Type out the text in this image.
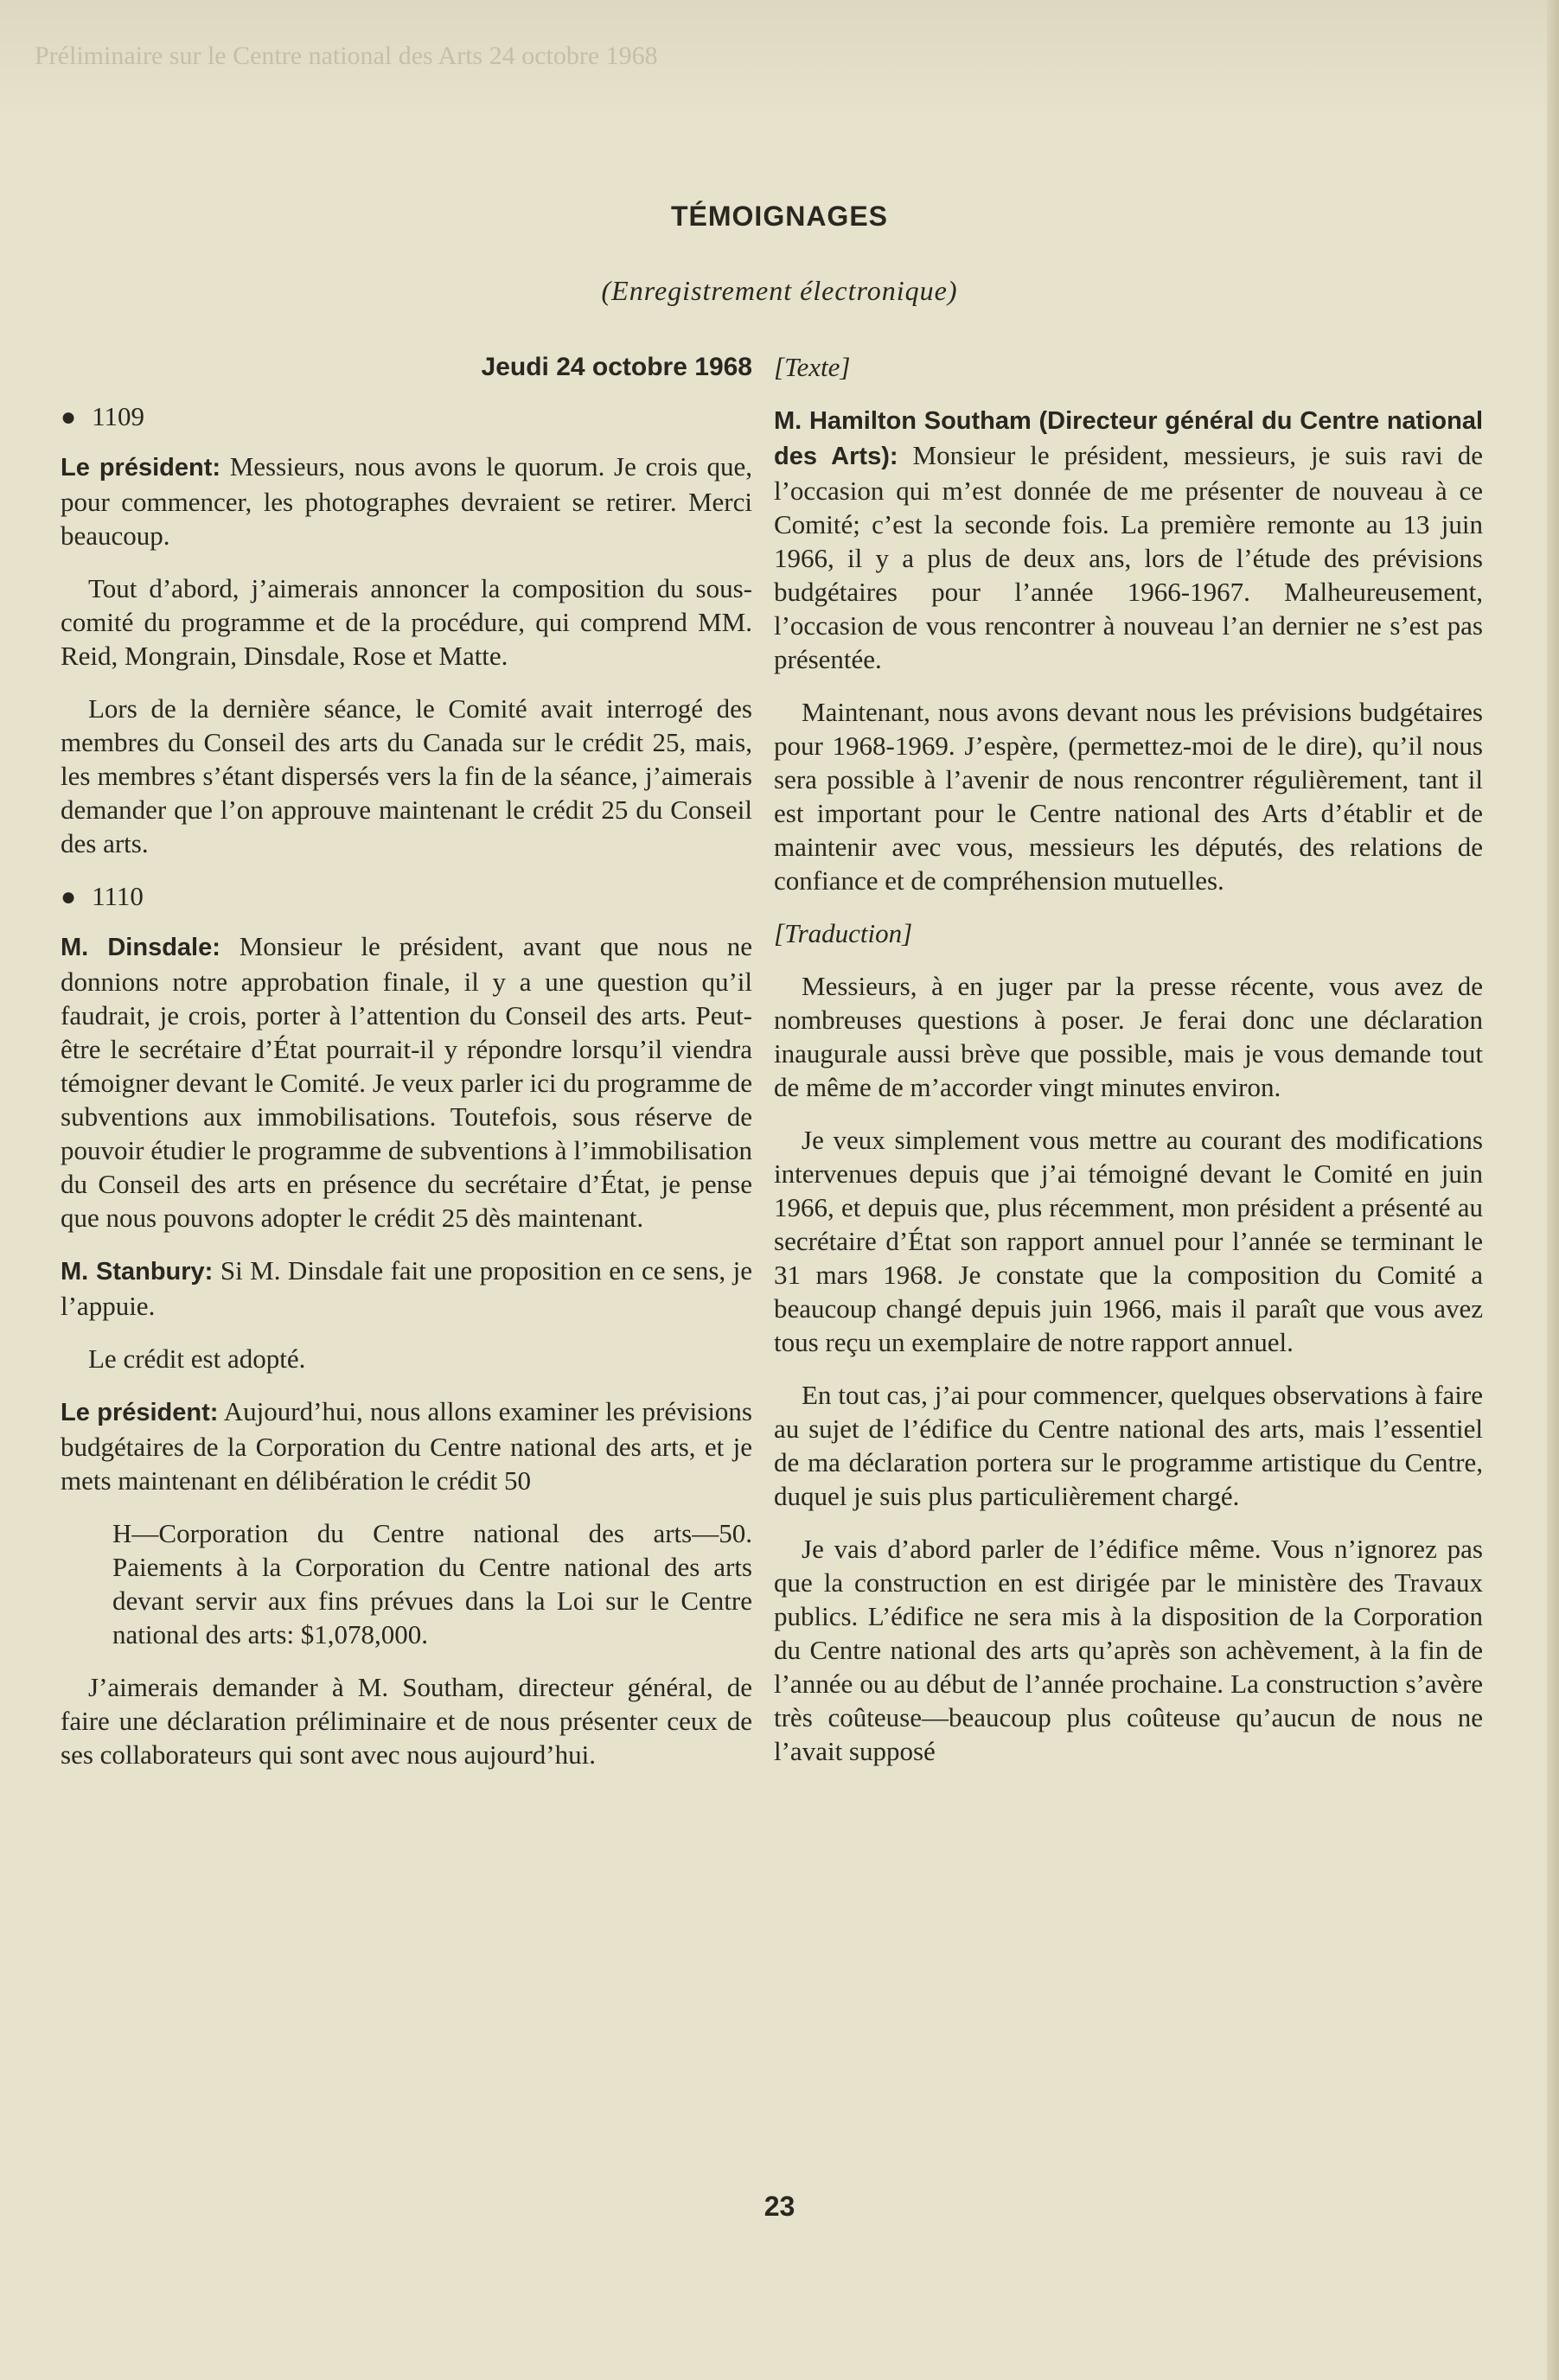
Préliminaire sur le Centre national des Arts 24 octobre 1968
TÉMOIGNAGES
(Enregistrement électronique)
Jeudi 24 octobre 1968
● 1109

Le président: Messieurs, nous avons le quorum. Je crois que, pour commencer, les photographes devraient se retirer. Merci beaucoup.

Tout d’abord, j’aimerais annoncer la composition du sous-comité du programme et de la procédure, qui comprend MM. Reid, Mongrain, Dinsdale, Rose et Matte.

Lors de la dernière séance, le Comité avait interrogé des membres du Conseil des arts du Canada sur le crédit 25, mais, les membres s’étant dispersés vers la fin de la séance, j’aimerais demander que l’on approuve maintenant le crédit 25 du Conseil des arts.

● 1110

M. Dinsdale: Monsieur le président, avant que nous ne donnions notre approbation finale, il y a une question qu’il faudrait, je crois, porter à l’attention du Conseil des arts. Peut-être le secrétaire d’État pourrait-il y répondre lorsqu’il viendra témoigner devant le Comité. Je veux parler ici du programme de subventions aux immobilisations. Toutefois, sous réserve de pouvoir étudier le programme de subventions à l’immobilisation du Conseil des arts en présence du secrétaire d’État, je pense que nous pouvons adopter le crédit 25 dès maintenant.

M. Stanbury: Si M. Dinsdale fait une proposition en ce sens, je l’appuie.

Le crédit est adopté.

Le président: Aujourd’hui, nous allons examiner les prévisions budgétaires de la Corporation du Centre national des arts, et je mets maintenant en délibération le crédit 50

H—Corporation du Centre national des arts—50. Paiements à la Corporation du Centre national des arts devant servir aux fins prévues dans la Loi sur le Centre national des arts: $1,078,000.

J’aimerais demander à M. Southam, directeur général, de faire une déclaration préliminaire et de nous présenter ceux de ses collaborateurs qui sont avec nous aujourd’hui.

[Texte]

M. Hamilton Southam (Directeur général du Centre national des Arts): Monsieur le président, messieurs, je suis ravi de l’occasion qui m’est donnée de me présenter de nouveau à ce Comité; c’est la seconde fois. La première remonte au 13 juin 1966, il y a plus de deux ans, lors de l’étude des prévisions budgétaires pour l’année 1966-1967. Malheureusement, l’occasion de vous rencontrer à nouveau l’an dernier ne s’est pas présentée.

Maintenant, nous avons devant nous les prévisions budgétaires pour 1968-1969. J’espère, (permettez-moi de le dire), qu’il nous sera possible à l’avenir de nous rencontrer régulièrement, tant il est important pour le Centre national des Arts d’établir et de maintenir avec vous, messieurs les députés, des relations de confiance et de compréhension mutuelles.

[Traduction]

Messieurs, à en juger par la presse récente, vous avez de nombreuses questions à poser. Je ferai donc une déclaration inaugurale aussi brève que possible, mais je vous demande tout de même de m’accorder vingt minutes environ.

Je veux simplement vous mettre au courant des modifications intervenues depuis que j’ai témoigné devant le Comité en juin 1966, et depuis que, plus récemment, mon président a présenté au secrétaire d’État son rapport annuel pour l’année se terminant le 31 mars 1968. Je constate que la composition du Comité a beaucoup changé depuis juin 1966, mais il paraît que vous avez tous reçu un exemplaire de notre rapport annuel.

En tout cas, j’ai pour commencer, quelques observations à faire au sujet de l’édifice du Centre national des arts, mais l’essentiel de ma déclaration portera sur le programme artistique du Centre, duquel je suis plus particulièrement chargé.

Je vais d’abord parler de l’édifice même. Vous n’ignorez pas que la construction en est dirigée par le ministère des Travaux publics. L’édifice ne sera mis à la disposition de la Corporation du Centre national des arts qu’après son achèvement, à la fin de l’année ou au début de l’année prochaine. La construction s’avère très coûteuse—beaucoup plus coûteuse qu’aucun de nous ne l’avait supposé

23
